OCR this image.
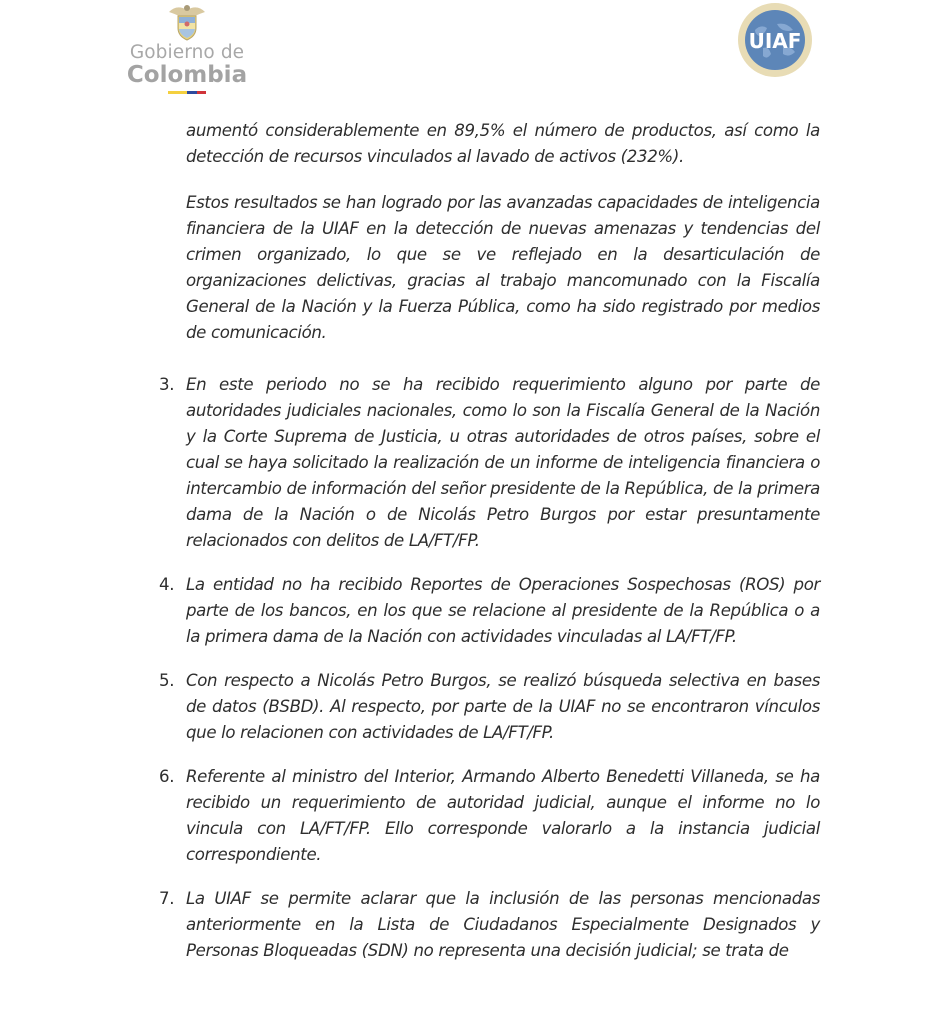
Gobierno de
Colombia
UIAF

aumentó considerablemente en 89,5% el número de productos, así como la detección de recursos vinculados al lavado de activos (232%).

Estos resultados se han logrado por las avanzadas capacidades de inteligencia financiera de la UIAF en la detección de nuevas amenazas y tendencias del crimen organizado, lo que se ve reflejado en la desarticulación de organizaciones delictivas, gracias al trabajo mancomunado con la Fiscalía General de la Nación y la Fuerza Pública, como ha sido registrado por medios de comunicación.

3. En este periodo no se ha recibido requerimiento alguno por parte de autoridades judiciales nacionales, como lo son la Fiscalía General de la Nación y la Corte Suprema de Justicia, u otras autoridades de otros países, sobre el cual se haya solicitado la realización de un informe de inteligencia financiera o intercambio de información del señor presidente de la República, de la primera dama de la Nación o de Nicolás Petro Burgos por estar presuntamente relacionados con delitos de LA/FT/FP.
4. La entidad no ha recibido Reportes de Operaciones Sospechosas (ROS) por parte de los bancos, en los que se relacione al presidente de la República o a la primera dama de la Nación con actividades vinculadas al LA/FT/FP.
5. Con respecto a Nicolás Petro Burgos, se realizó búsqueda selectiva en bases de datos (BSBD). Al respecto, por parte de la UIAF no se encontraron vínculos que lo relacionen con actividades de LA/FT/FP.
6. Referente al ministro del Interior, Armando Alberto Benedetti Villaneda, se ha recibido un requerimiento de autoridad judicial, aunque el informe no lo vincula con LA/FT/FP. Ello corresponde valorarlo a la instancia judicial correspondiente.
7. La UIAF se permite aclarar que la inclusión de las personas mencionadas anteriormente en la Lista de Ciudadanos Especialmente Designados y Personas Bloqueadas (SDN) no representa una decisión judicial; se trata de
